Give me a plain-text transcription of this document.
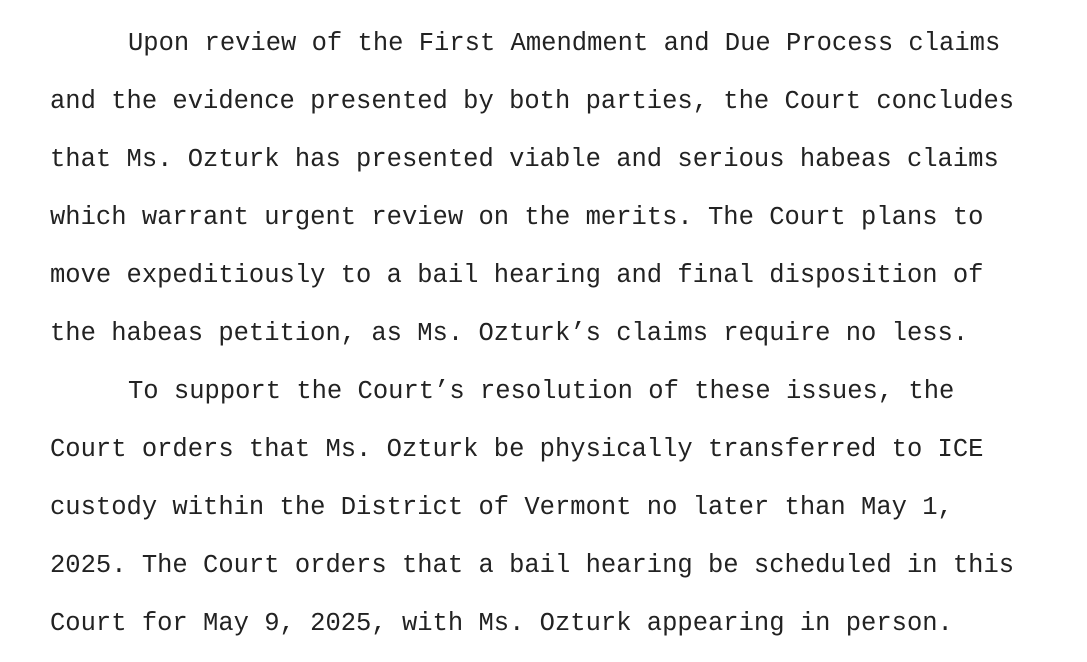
Upon review of the First Amendment and Due Process claims
and the evidence presented by both parties, the Court concludes
that Ms. Ozturk has presented viable and serious habeas claims
which warrant urgent review on the merits. The Court plans to
move expeditiously to a bail hearing and final disposition of
the habeas petition, as Ms. Ozturk’s claims require no less.
To support the Court’s resolution of these issues, the
Court orders that Ms. Ozturk be physically transferred to ICE
custody within the District of Vermont no later than May 1,
2025. The Court orders that a bail hearing be scheduled in this
Court for May 9, 2025, with Ms. Ozturk appearing in person.
